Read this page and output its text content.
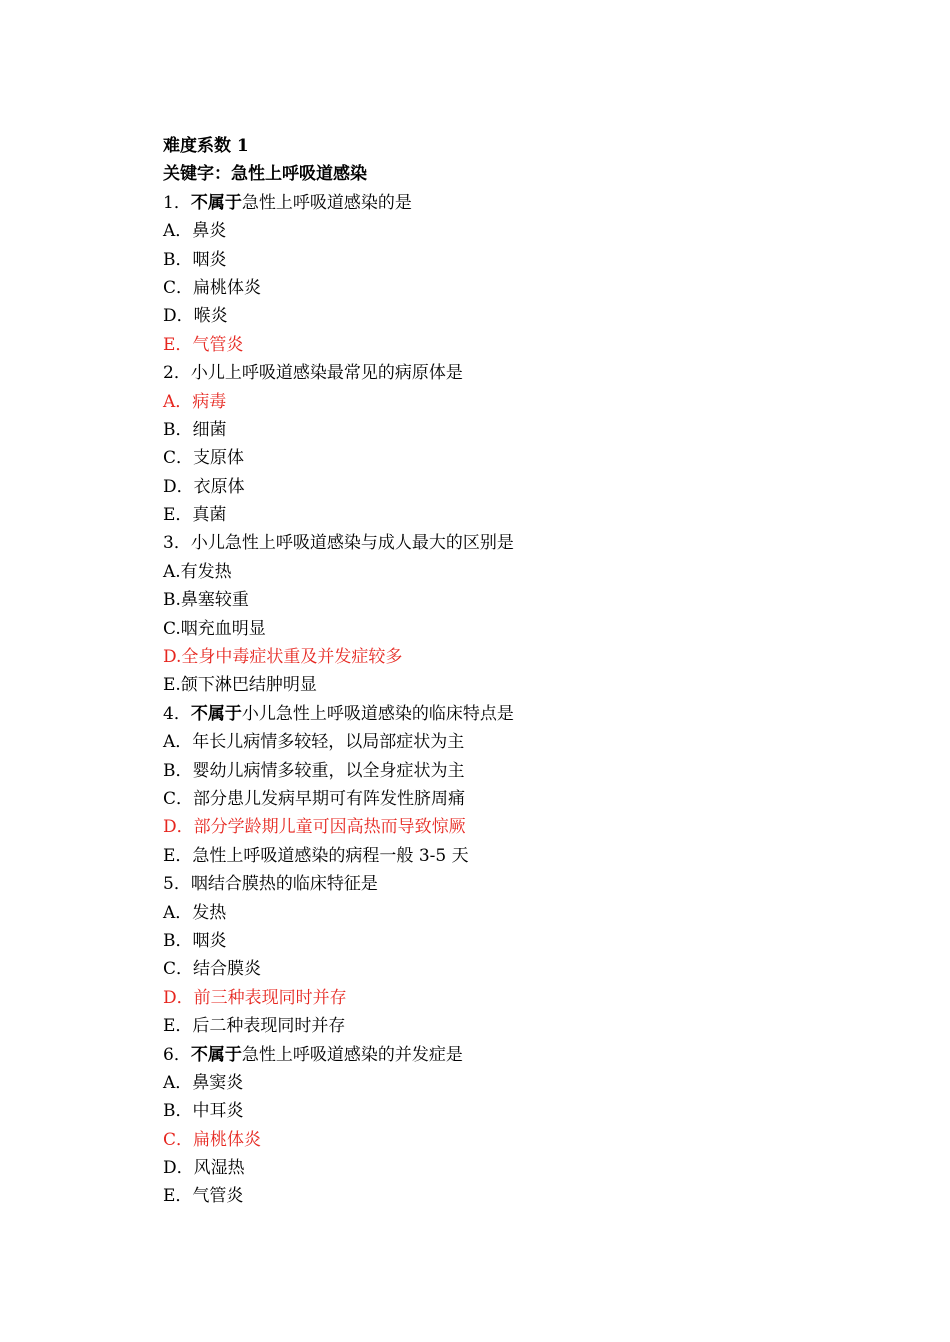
难度系数 1
关键字：急性上呼吸道感染
1．不属于急性上呼吸道感染的是
A．鼻炎
B．咽炎
C．扁桃体炎
D．喉炎
E．气管炎
2．小儿上呼吸道感染最常见的病原体是
A．病毒
B．细菌
C．支原体
D．衣原体
E．真菌
3．小儿急性上呼吸道感染与成人最大的区别是
A.有发热
B.鼻塞较重
C.咽充血明显
D.全身中毒症状重及并发症较多
E.颌下淋巴结肿明显
4．不属于小儿急性上呼吸道感染的临床特点是
A．年长儿病情多较轻，以局部症状为主
B．婴幼儿病情多较重，以全身症状为主
C．部分患儿发病早期可有阵发性脐周痛
D．部分学龄期儿童可因高热而导致惊厥
E．急性上呼吸道感染的病程一般 3-5 天
5．咽结合膜热的临床特征是
A．发热
B．咽炎
C．结合膜炎
D．前三种表现同时并存
E．后二种表现同时并存
6．不属于急性上呼吸道感染的并发症是
A．鼻窦炎
B．中耳炎
C．扁桃体炎
D．风湿热
E．气管炎
